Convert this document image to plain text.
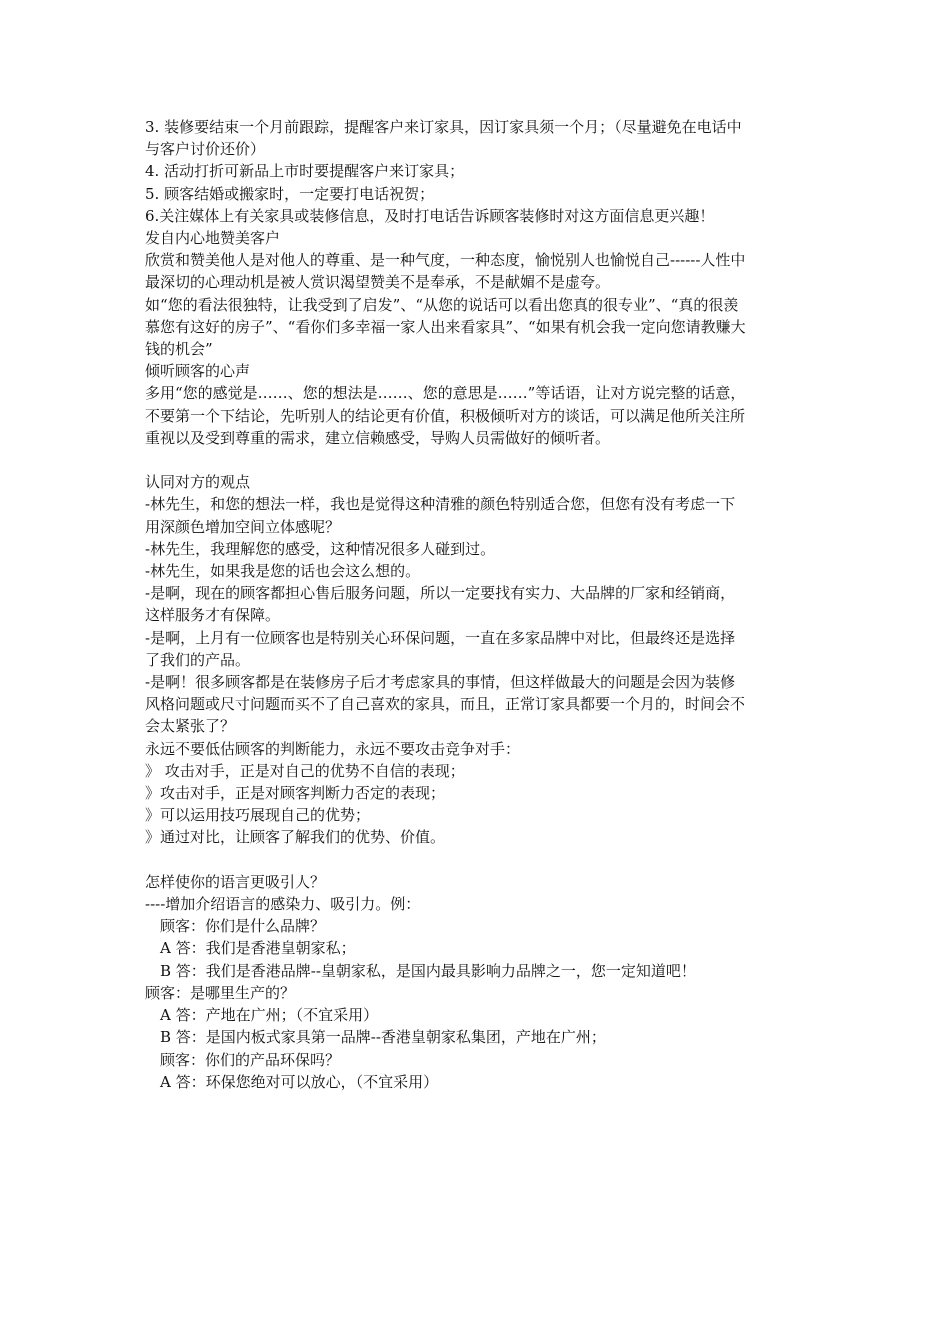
3. 装修要结束一个月前跟踪，提醒客户来订家具，因订家具须一个月；（尽量避免在电话中

与客户讨价还价）

4. 活动打折可新品上市时要提醒客户来订家具；

5. 顾客结婚或搬家时，一定要打电话祝贺；

6.关注媒体上有关家具或装修信息，及时打电话告诉顾客装修时对这方面信息更兴趣！

发自内心地赞美客户

欣赏和赞美他人是对他人的尊重、是一种气度，一种态度，愉悦别人也愉悦自己------人性中

最深切的心理动机是被人赏识渴望赞美不是奉承，不是献媚不是虚夸。

如“您的看法很独特，让我受到了启发”、“从您的说话可以看出您真的很专业”、“真的很羡

慕您有这好的房子”、“看你们多幸福一家人出来看家具”、“如果有机会我一定向您请教赚大

钱的机会”

倾听顾客的心声

多用“您的感觉是……、您的想法是……、您的意思是……”等话语，让对方说完整的话意，

不要第一个下结论，先听别人的结论更有价值，积极倾听对方的谈话，可以满足他所关注所

重视以及受到尊重的需求，建立信赖感受，导购人员需做好的倾听者。

认同对方的观点

-林先生，和您的想法一样，我也是觉得这种清雅的颜色特别适合您，但您有没有考虑一下

用深颜色增加空间立体感呢？

-林先生，我理解您的感受，这种情况很多人碰到过。

-林先生，如果我是您的话也会这么想的。

-是啊，现在的顾客都担心售后服务问题，所以一定要找有实力、大品牌的厂家和经销商，

这样服务才有保障。

-是啊，上月有一位顾客也是特别关心环保问题，一直在多家品牌中对比，但最终还是选择

了我们的产品。

-是啊！很多顾客都是在装修房子后才考虑家具的事情，但这样做最大的问题是会因为装修

风格问题或尺寸问题而买不了自己喜欢的家具，而且，正常订家具都要一个月的，时间会不

会太紧张了？

永远不要低估顾客的判断能力，永远不要攻击竞争对手：

》 攻击对手，正是对自己的优势不自信的表现；

》攻击对手，正是对顾客判断力否定的表现；

》可以运用技巧展现自己的优势；

》通过对比，让顾客了解我们的优势、价值。

怎样使你的语言更吸引人？

----增加介绍语言的感染力、吸引力。例：

顾客：你们是什么品牌？

A 答：我们是香港皇朝家私；

B 答：我们是香港品牌--皇朝家私，是国内最具影响力品牌之一，您一定知道吧！

顾客：是哪里生产的？

A 答：产地在广州；（不宜采用）

B 答：是国内板式家具第一品牌--香港皇朝家私集团，产地在广州；

顾客：你们的产品环保吗？

A 答：环保您绝对可以放心，（不宜采用）
